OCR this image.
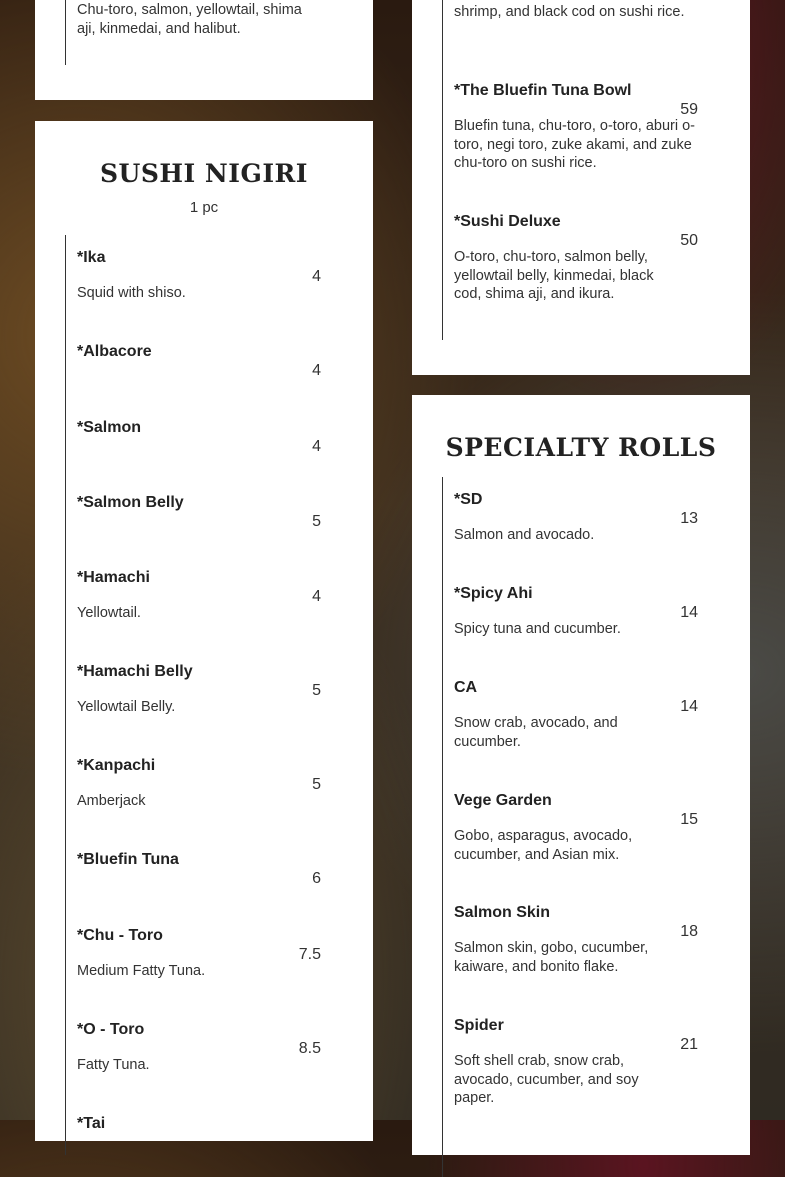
Chu-toro, salmon, yellowtail, shima aji, kinmedai, and halibut.
SUSHI NIGIRI
1 pc
*Ika
4
Squid with shiso.
*Albacore
4
*Salmon
4
*Salmon Belly
5
*Hamachi
4
Yellowtail.
*Hamachi Belly
5
Yellowtail Belly.
*Kanpachi
5
Amberjack
*Bluefin Tuna
6
*Chu - Toro
7.5
Medium Fatty Tuna.
*O - Toro
8.5
Fatty Tuna.
*Tai
shrimp, and black cod on sushi rice.
*The Bluefin Tuna Bowl
59
Bluefin tuna, chu-toro, o-toro, aburi o-toro, negi toro, zuke akami, and zuke chu-toro on sushi rice.
*Sushi Deluxe
50
O-toro, chu-toro, salmon belly, yellowtail belly, kinmedai, black cod, shima aji, and ikura.
SPECIALTY ROLLS
*SD
13
Salmon and avocado.
*Spicy Ahi
14
Spicy tuna and cucumber.
CA
14
Snow crab, avocado, and cucumber.
Vege Garden
15
Gobo, asparagus, avocado, cucumber, and Asian mix.
Salmon Skin
18
Salmon skin, gobo, cucumber, kaiware, and bonito flake.
Spider
21
Soft shell crab, snow crab, avocado, cucumber, and soy paper.
